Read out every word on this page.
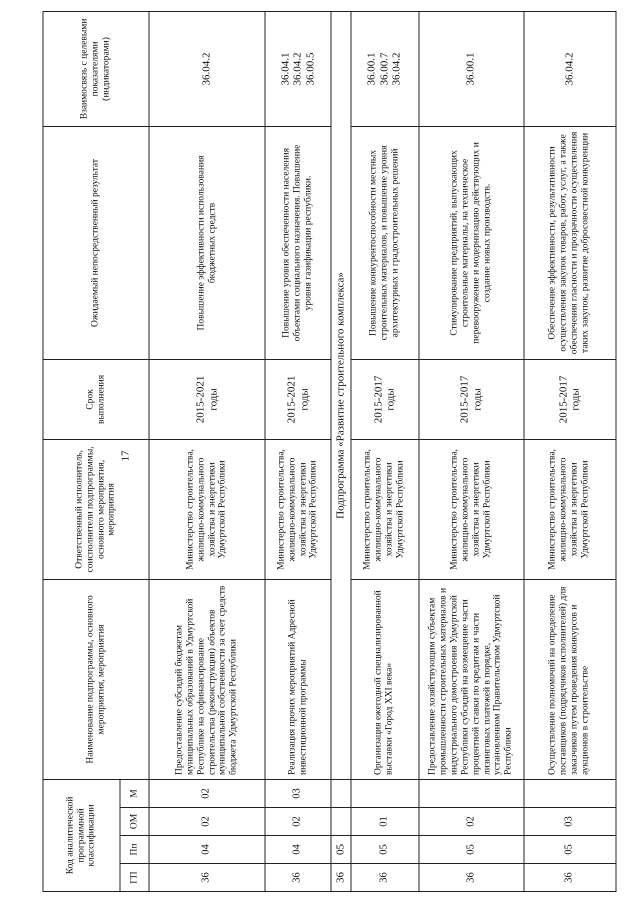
17
Код аналитической программной классификации				Наименование подпрограммы, основного мероприятия, мероприятия	Ответственный исполнитель, соисполнители подпрограммы, основного мероприятия, мероприятия	Срок выполнения	Ожидаемый непосредственный результат	Взаимосвязь с целевыми показателями (индикаторами)
ГП	Пп	ОМ	М					
36	04	02	02	Предоставление субсидий бюджетам муниципальных образований в Удмуртской Республике на софинансирование строительства (реконструкции) объектов муниципальной собственности за счет средств бюджета Удмуртской Республики	Министерство строительства, жилищно-коммунального хозяйства и энергетики Удмуртской Республики	2015-2021 годы	Повышение эффективности использования бюджетных средств	36.04.2
36	04	02	03	Реализация прочих мероприятий Адресной инвестиционной программы	Министерство строительства, жилищно-коммунального хозяйства и энергетики Удмуртской Республики	2015-2021 годы	Повышение уровня обеспеченности населения объектами социального назначения. Повышение уровня газификации республики.	36.04.1
36.04.2
36.00.5
36	05			Подпрограмма «Развитие строительного комплекса»				
36	05	01		Организация ежегодной специализированной выставки «Город XXI века»	Министерство строительства, жилищно-коммунального хозяйства и энергетики Удмуртской Республики	2015-2017 годы	Повышение конкурентоспособности местных строительных материалов, и повышение уровня архитектурных и градостроительных решений	36.00.1
36.00.7
36.04.2
36	05	02		Предоставление хозяйствующим субъектам промышленности строительных материалов и индустриального домостроения Удмуртской Республики субсидий на возмещение части процентной ставки по кредитам и части лизинговых платежей в порядке, установленном Правительством Удмуртской Республики	Министерство строительства, жилищно-коммунального хозяйства и энергетики Удмуртской Республики	2015-2017 годы	Стимулирование предприятий, выпускающих строительные материалы, на техническое перевооружение и модернизацию действующих и создание новых производств.	36.00.1
36	05	03		Осуществление полномочий на определение поставщиков (подрядчиков исполнителей) для заказчиков путем проведения конкурсов и аукционов в строительстве	Министерство строительства, жилищно-коммунального хозяйства и энергетики Удмуртской Республики	2015-2017 годы	Обеспечение эффективности, результативности осуществления закупок товаров, работ, услуг, а также обеспечения гласности и прозрачности осуществления таких закупок, развитие добросовестной конкуренции	36.04.2
